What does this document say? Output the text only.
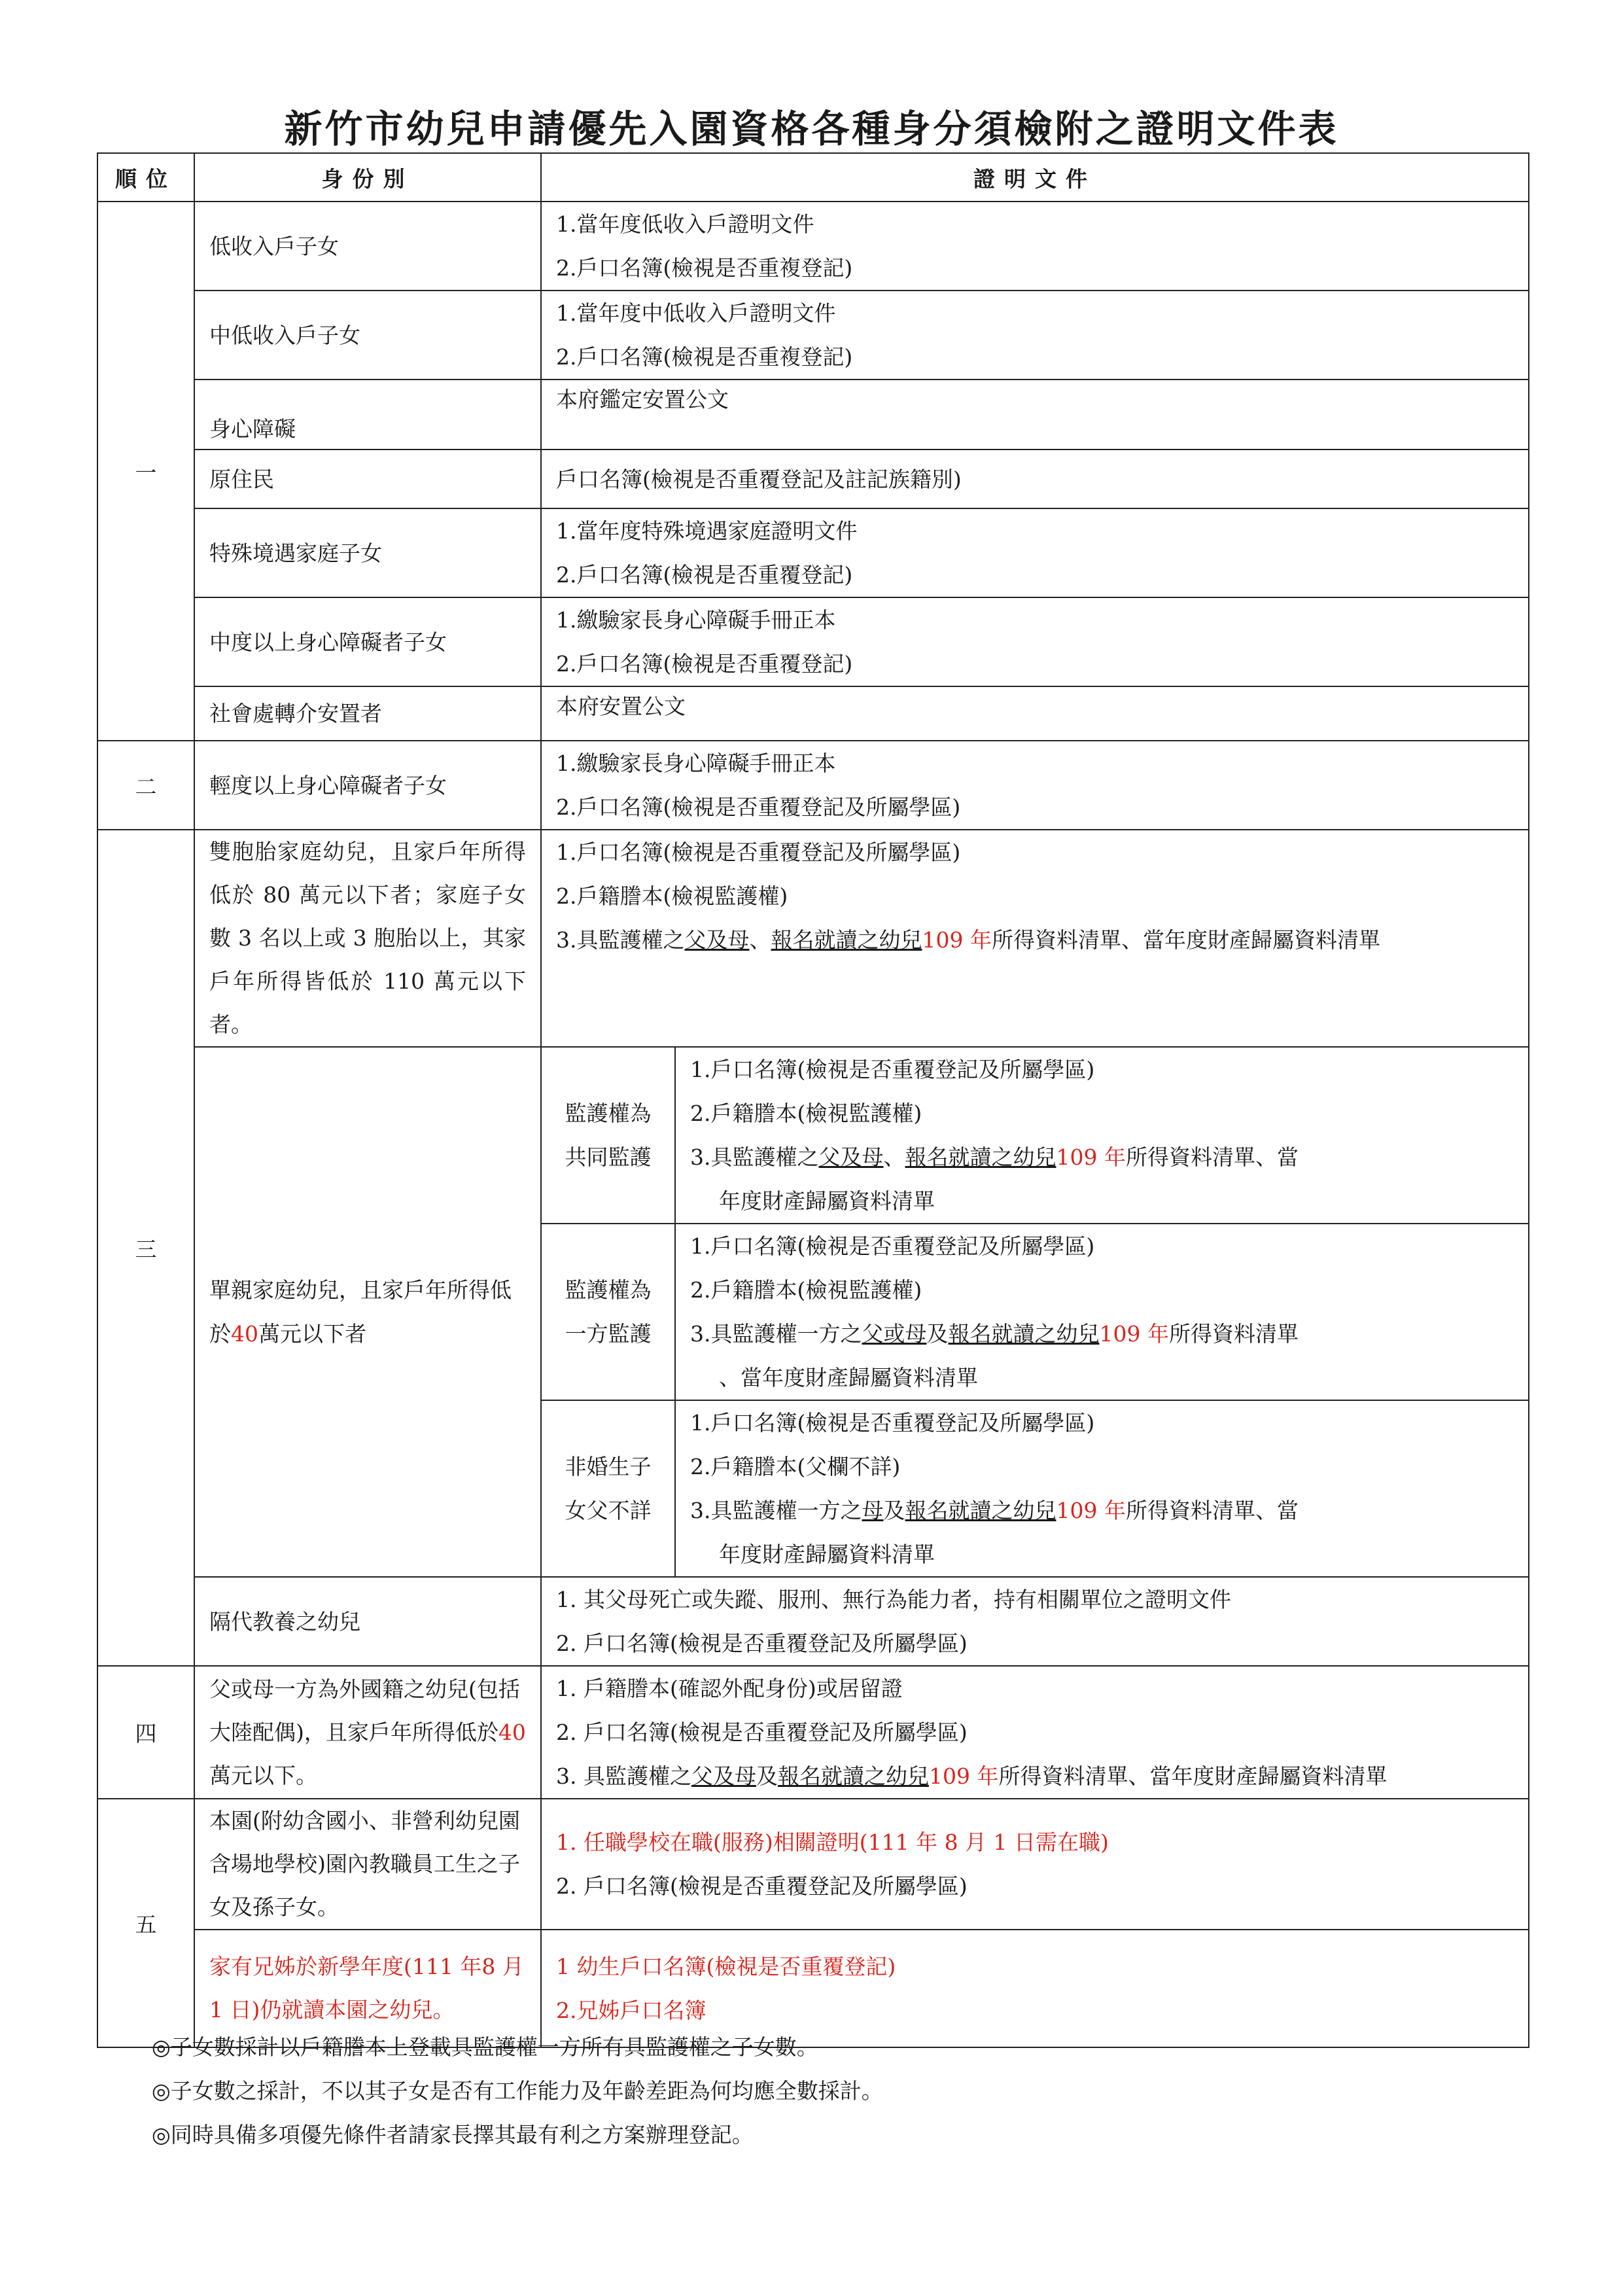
新竹市幼兒申請優先入園資格各種身分須檢附之證明文件表
順位	身份別	證明文件	
一	低收入戶子女	1.當年度低收入戶證明文件
2.戶口名簿(檢視是否重複登記)	

	中低收入戶子女	1.當年度中低收入戶證明文件
2.戶口名簿(檢視是否重複登記)	

	身心障礙	本府鑑定安置公文	

	原住民	戶口名簿(檢視是否重覆登記及註記族籍別)	

	特殊境遇家庭子女	1.當年度特殊境遇家庭證明文件
2.戶口名簿(檢視是否重覆登記)	

	中度以上身心障礙者子女	1.繳驗家長身心障礙手冊正本
2.戶口名簿(檢視是否重覆登記)	

	社會處轉介安置者	本府安置公文	

二	輕度以上身心障礙者子女	1.繳驗家長身心障礙手冊正本
2.戶口名簿(檢視是否重覆登記及所屬學區)	

三	雙胞胎家庭幼兒，且家戶年所得低於 80 萬元以下者；家庭子女數 3 名以上或 3 胞胎以上，其家戶年所得皆低於 110 萬元以下者。	1.戶口名簿(檢視是否重覆登記及所屬學區)
2.戶籍謄本(檢視監護權)
3.具監護權之父及母、報名就讀之幼兒109 年所得資料清單、當年度財產歸屬資料清單	

	單親家庭幼兒，且家戶年所得低於40萬元以下者	監護權為共同監護	1.戶口名簿(檢視是否重覆登記及所屬學區)
2.戶籍謄本(檢視監護權)
3.具監護權之父及母、報名就讀之幼兒109 年所得資料清單、當
年度財產歸屬資料清單

		監護權為一方監護	1.戶口名簿(檢視是否重覆登記及所屬學區)
2.戶籍謄本(檢視監護權)
3.具監護權一方之父或母及報名就讀之幼兒109 年所得資料清單
、當年度財產歸屬資料清單

		非婚生子女父不詳	1.戶口名簿(檢視是否重覆登記及所屬學區)
2.戶籍謄本(父欄不詳)
3.具監護權一方之母及報名就讀之幼兒109 年所得資料清單、當
年度財產歸屬資料清單

	隔代教養之幼兒	1. 其父母死亡或失蹤、服刑、無行為能力者，持有相關單位之證明文件
2. 戶口名簿(檢視是否重覆登記及所屬學區)	

四	父或母一方為外國籍之幼兒(包括大陸配偶)，且家戶年所得低於40萬元以下。	1. 戶籍謄本(確認外配身份)或居留證
2. 戶口名簿(檢視是否重覆登記及所屬學區)
3. 具監護權之父及母及報名就讀之幼兒109 年所得資料清單、當年度財產歸屬資料清單	

五	本園(附幼含國小、非營利幼兒園含場地學校)園內教職員工生之子女及孫子女。	1. 任職學校在職(服務)相關證明(111 年 8 月 1 日需在職)
2. 戶口名簿(檢視是否重覆登記及所屬學區)	

	家有兄姊於新學年度(111 年8 月 1 日)仍就讀本園之幼兒。	1 幼生戶口名簿(檢視是否重覆登記)
2.兄姊戶口名簿	
◎子女數採計以戶籍謄本上登載具監護權一方所有具監護權之子女數。
◎子女數之採計，不以其子女是否有工作能力及年齡差距為何均應全數採計。
◎同時具備多項優先條件者請家長擇其最有利之方案辦理登記。
